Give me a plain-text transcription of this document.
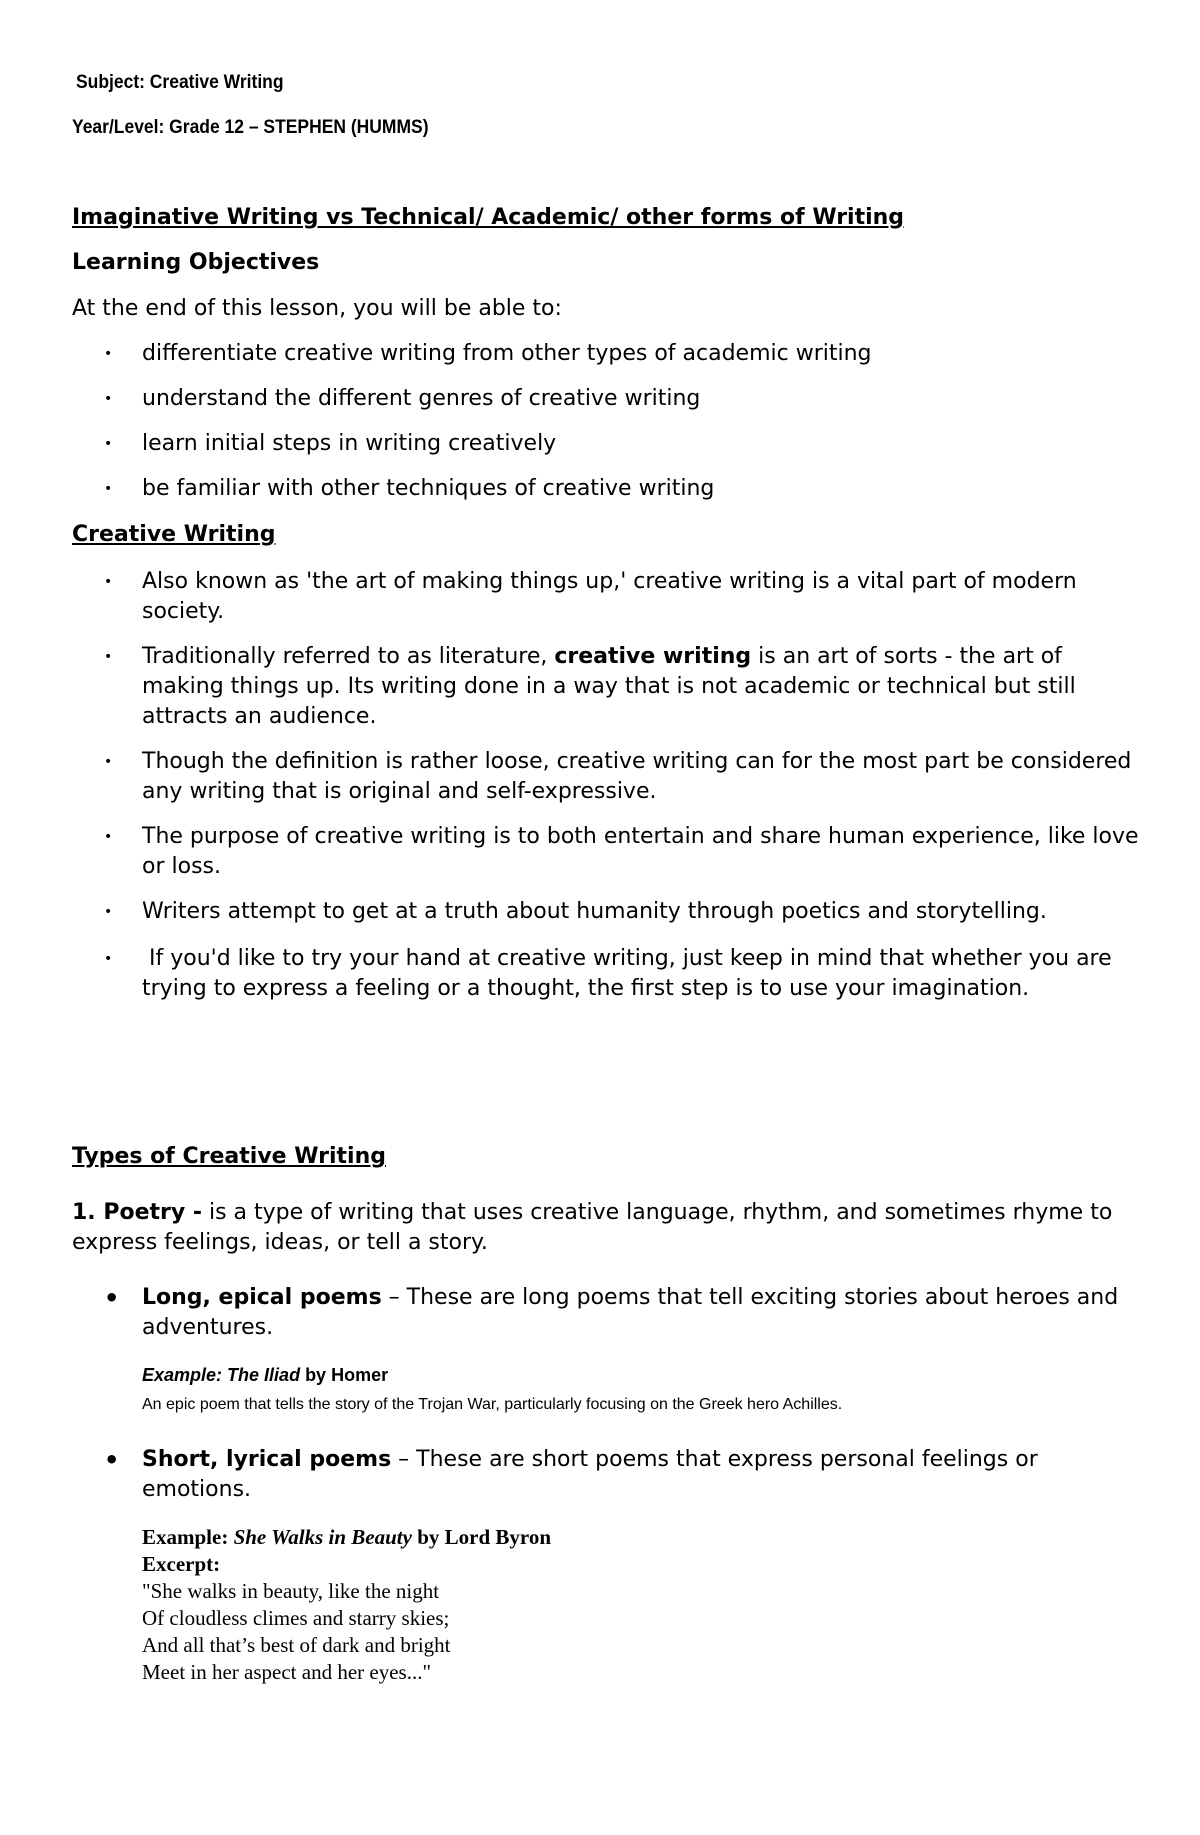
Subject: Creative Writing
Year/Level: Grade 12 – STEPHEN (HUMMS)
Imaginative Writing vs Technical/ Academic/ other forms of Writing
Learning Objectives
At the end of this lesson, you will be able to:
• differentiate creative writing from other types of academic writing
• understand the different genres of creative writing
• learn initial steps in writing creatively
• be familiar with other techniques of creative writing
Creative Writing
• Also known as 'the art of making things up,' creative writing is a vital part of modern society.
• Traditionally referred to as literature, creative writing is an art of sorts - the art of making things up. Its writing done in a way that is not academic or technical but still attracts an audience.
• Though the definition is rather loose, creative writing can for the most part be considered any writing that is original and self-expressive.
• The purpose of creative writing is to both entertain and share human experience, like love or loss.
• Writers attempt to get at a truth about humanity through poetics and storytelling.
• If you'd like to try your hand at creative writing, just keep in mind that whether you are trying to express a feeling or a thought, the first step is to use your imagination.
Types of Creative Writing
1. Poetry - is a type of writing that uses creative language, rhythm, and sometimes rhyme to express feelings, ideas, or tell a story.
• Long, epical poems – These are long poems that tell exciting stories about heroes and adventures.
Example: The Iliad by Homer
An epic poem that tells the story of the Trojan War, particularly focusing on the Greek hero Achilles.
• Short, lyrical poems – These are short poems that express personal feelings or emotions.
Example: She Walks in Beauty by Lord Byron
Excerpt:
"She walks in beauty, like the night
Of cloudless climes and starry skies;
And all that’s best of dark and bright
Meet in her aspect and her eyes..."
